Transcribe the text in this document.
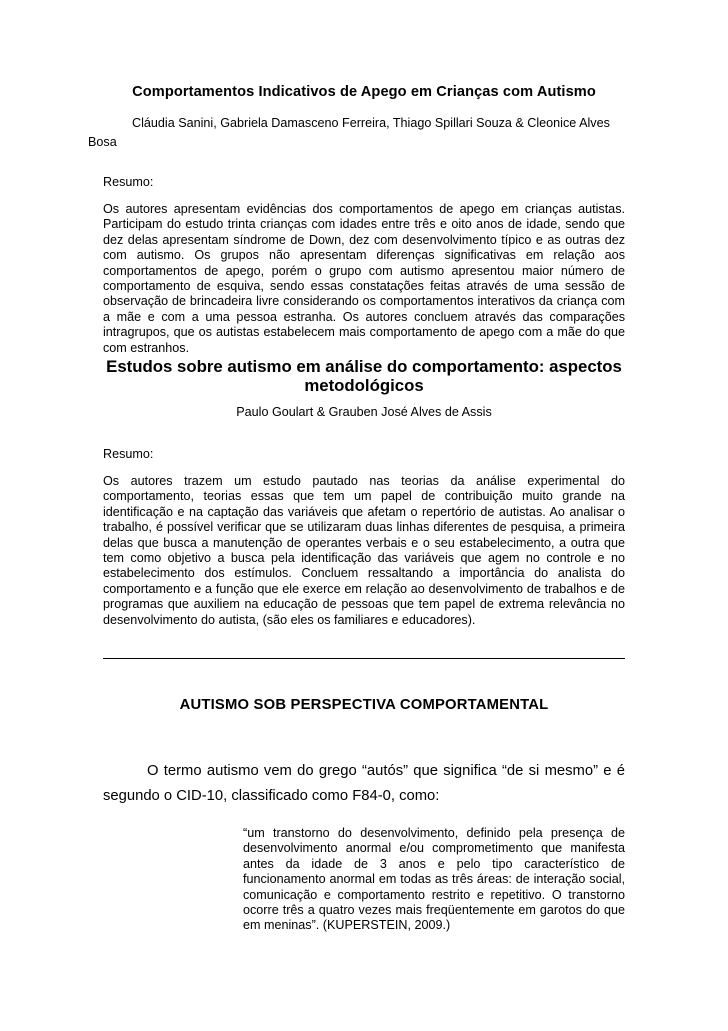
Comportamentos Indicativos de Apego em Crianças com Autismo

Cláudia Sanini, Gabriela Damasceno Ferreira, Thiago Spillari Souza & Cleonice Alves Bosa

Resumo:

Os autores apresentam evidências dos comportamentos de apego em crianças autistas. Participam do estudo trinta crianças com idades entre três e oito anos de idade, sendo que dez delas apresentam síndrome de Down, dez com desenvolvimento típico e as outras dez com autismo. Os grupos não apresentam diferenças significativas em relação aos comportamentos de apego, porém o grupo com autismo apresentou maior número de comportamento de esquiva, sendo essas constatações feitas através de uma sessão de observação de brincadeira livre considerando os comportamentos interativos da criança com a mãe e com a uma pessoa estranha. Os autores concluem através das comparações intragrupos, que os autistas estabelecem mais comportamento de apego com a mãe do que com estranhos.

Estudos sobre autismo em análise do comportamento: aspectos metodológicos

Paulo Goulart & Grauben José Alves de Assis

Resumo:

Os autores trazem um estudo pautado nas teorias da análise experimental do comportamento, teorias essas que tem um papel de contribuição muito grande na identificação e na captação das variáveis que afetam o repertório de autistas. Ao analisar o trabalho, é possível verificar que se utilizaram duas linhas diferentes de pesquisa, a primeira delas que busca a manutenção de operantes verbais e o seu estabelecimento, a outra que tem como objetivo a busca pela identificação das variáveis que agem no controle e no estabelecimento dos estímulos. Concluem ressaltando a importância do analista do comportamento e a função que ele exerce em relação ao desenvolvimento de trabalhos e de programas que auxiliem na educação de pessoas que tem papel de extrema relevância no desenvolvimento do autista, (são eles os familiares e educadores).

AUTISMO SOB PERSPECTIVA COMPORTAMENTAL

O termo autismo vem do grego “autós” que significa “de si mesmo” e é segundo o CID-10, classificado como F84-0, como:

“um transtorno do desenvolvimento, definido pela presença de desenvolvimento anormal e/ou comprometimento que manifesta antes da idade de 3 anos e pelo tipo característico de funcionamento anormal em todas as três áreas: de interação social, comunicação e comportamento restrito e repetitivo. O transtorno ocorre três a quatro vezes mais freqüentemente em garotos do que em meninas”. (KUPERSTEIN, 2009.)
